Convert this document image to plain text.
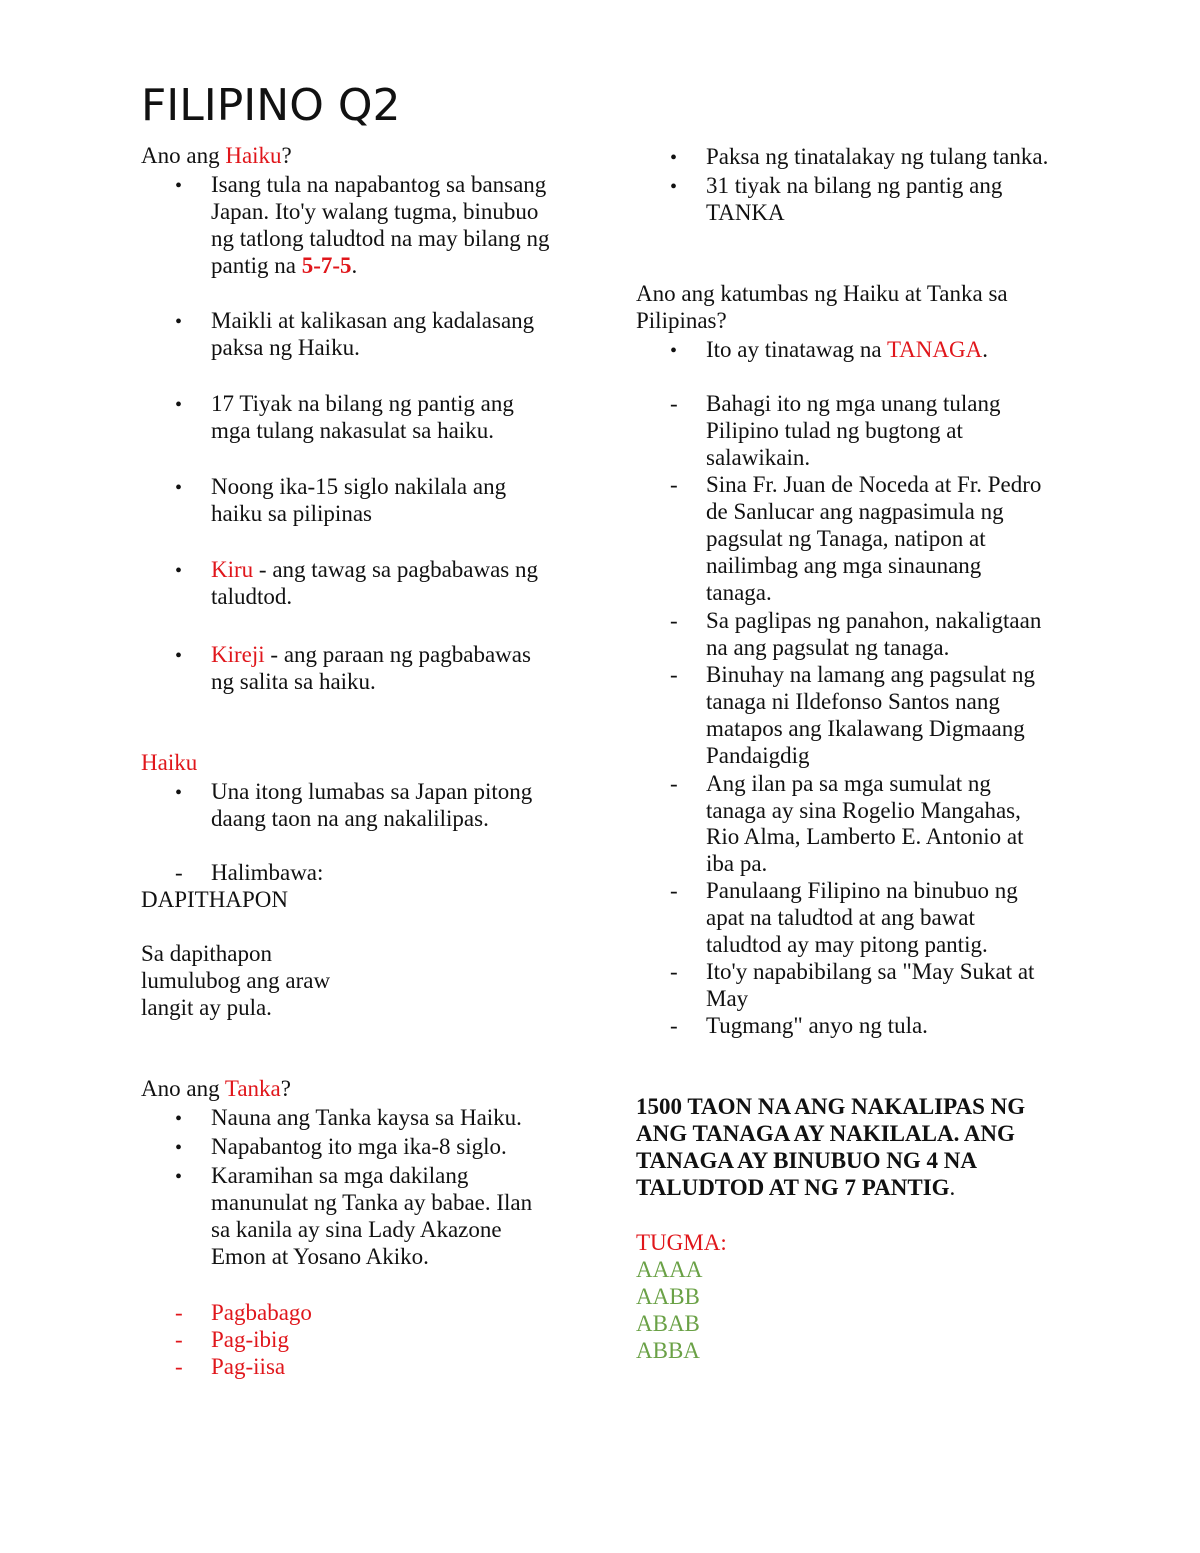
FILIPINO Q2
Ano ang Haiku?
• Isang tula na napabantog sa bansang
Japan. Ito'y walang tugma, binubuo
ng tatlong taludtod na may bilang ng
pantig na 5-7-5.
• Maikli at kalikasan ang kadalasang
paksa ng Haiku.
• 17 Tiyak na bilang ng pantig ang
mga tulang nakasulat sa haiku.
• Noong ika-15 siglo nakilala ang
haiku sa pilipinas
• Kiru - ang tawag sa pagbabawas ng
taludtod.
• Kireji - ang paraan ng pagbabawas
ng salita sa haiku.
Haiku
• Una itong lumabas sa Japan pitong
daang taon na ang nakalilipas.
- Halimbawa:
DAPITHAPON
Sa dapithapon
lumulubog ang araw
langit ay pula.
Ano ang Tanka?
• Nauna ang Tanka kaysa sa Haiku.
• Napabantog ito mga ika-8 siglo.
• Karamihan sa mga dakilang
manunulat ng Tanka ay babae. Ilan
sa kanila ay sina Lady Akazone
Emon at Yosano Akiko.
- Pagbabago
- Pag-ibig
- Pag-iisa
• Paksa ng tinatalakay ng tulang tanka.
• 31 tiyak na bilang ng pantig ang
TANKA
Ano ang katumbas ng Haiku at Tanka sa
Pilipinas?
• Ito ay tinatawag na TANAGA.
- Bahagi ito ng mga unang tulang
Pilipino tulad ng bugtong at
salawikain.
- Sina Fr. Juan de Noceda at Fr. Pedro
de Sanlucar ang nagpasimula ng
pagsulat ng Tanaga, natipon at
nailimbag ang mga sinaunang
tanaga.
- Sa paglipas ng panahon, nakaligtaan
na ang pagsulat ng tanaga.
- Binuhay na lamang ang pagsulat ng
tanaga ni Ildefonso Santos nang
matapos ang Ikalawang Digmaang
Pandaigdig
- Ang ilan pa sa mga sumulat ng
tanaga ay sina Rogelio Mangahas,
Rio Alma, Lamberto E. Antonio at
iba pa.
- Panulaang Filipino na binubuo ng
apat na taludtod at ang bawat
taludtod ay may pitong pantig.
- Ito'y napabibilang sa "May Sukat at
May
- Tugmang" anyo ng tula.
1500 TAON NA ANG NAKALIPAS NG
ANG TANAGA AY NAKILALA. ANG
TANAGA AY BINUBUO NG 4 NA
TALUDTOD AT NG 7 PANTIG.
TUGMA:
AAAA
AABB
ABAB
ABBA
